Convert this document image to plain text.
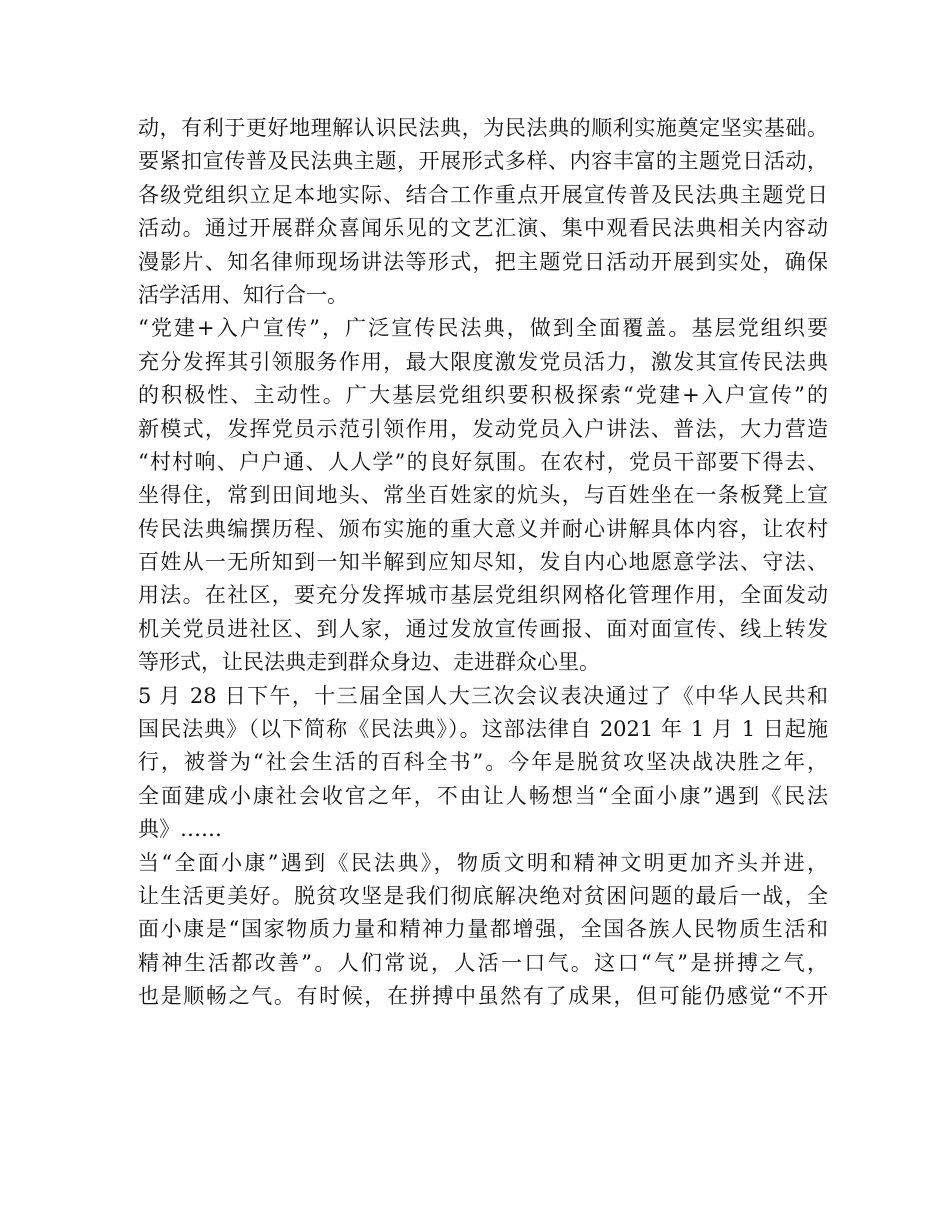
动，有利于更好地理解认识民法典，为民法典的顺利实施奠定坚实基础。
要紧扣宣传普及民法典主题，开展形式多样、内容丰富的主题党日活动，
各级党组织立足本地实际、结合工作重点开展宣传普及民法典主题党日
活动。通过开展群众喜闻乐见的文艺汇演、集中观看民法典相关内容动
漫影片、知名律师现场讲法等形式，把主题党日活动开展到实处，确保
活学活用、知行合一。
“党建+入户宣传”，广泛宣传民法典，做到全面覆盖。基层党组织要
充分发挥其引领服务作用，最大限度激发党员活力，激发其宣传民法典
的积极性、主动性。广大基层党组织要积极探索“党建+入户宣传”的
新模式，发挥党员示范引领作用，发动党员入户讲法、普法，大力营造
“村村响、户户通、人人学”的良好氛围。在农村，党员干部要下得去、
坐得住，常到田间地头、常坐百姓家的炕头，与百姓坐在一条板凳上宣
传民法典编撰历程、颁布实施的重大意义并耐心讲解具体内容，让农村
百姓从一无所知到一知半解到应知尽知，发自内心地愿意学法、守法、
用法。在社区，要充分发挥城市基层党组织网格化管理作用，全面发动
机关党员进社区、到人家，通过发放宣传画报、面对面宣传、线上转发
等形式，让民法典走到群众身边、走进群众心里。
5 月 28 日下午，十三届全国人大三次会议表决通过了《中华人民共和
国民法典》（以下简称《民法典》）。这部法律自 2021 年 1 月 1 日起施
行，被誉为“社会生活的百科全书”。今年是脱贫攻坚决战决胜之年，
全面建成小康社会收官之年，不由让人畅想当“全面小康”遇到《民法
典》……
当“全面小康”遇到《民法典》，物质文明和精神文明更加齐头并进，
让生活更美好。脱贫攻坚是我们彻底解决绝对贫困问题的最后一战，全
面小康是“国家物质力量和精神力量都增强，全国各族人民物质生活和
精神生活都改善”。人们常说，人活一口气。这口“气”是拼搏之气，
也是顺畅之气。有时候，在拼搏中虽然有了成果，但可能仍感觉“不开
